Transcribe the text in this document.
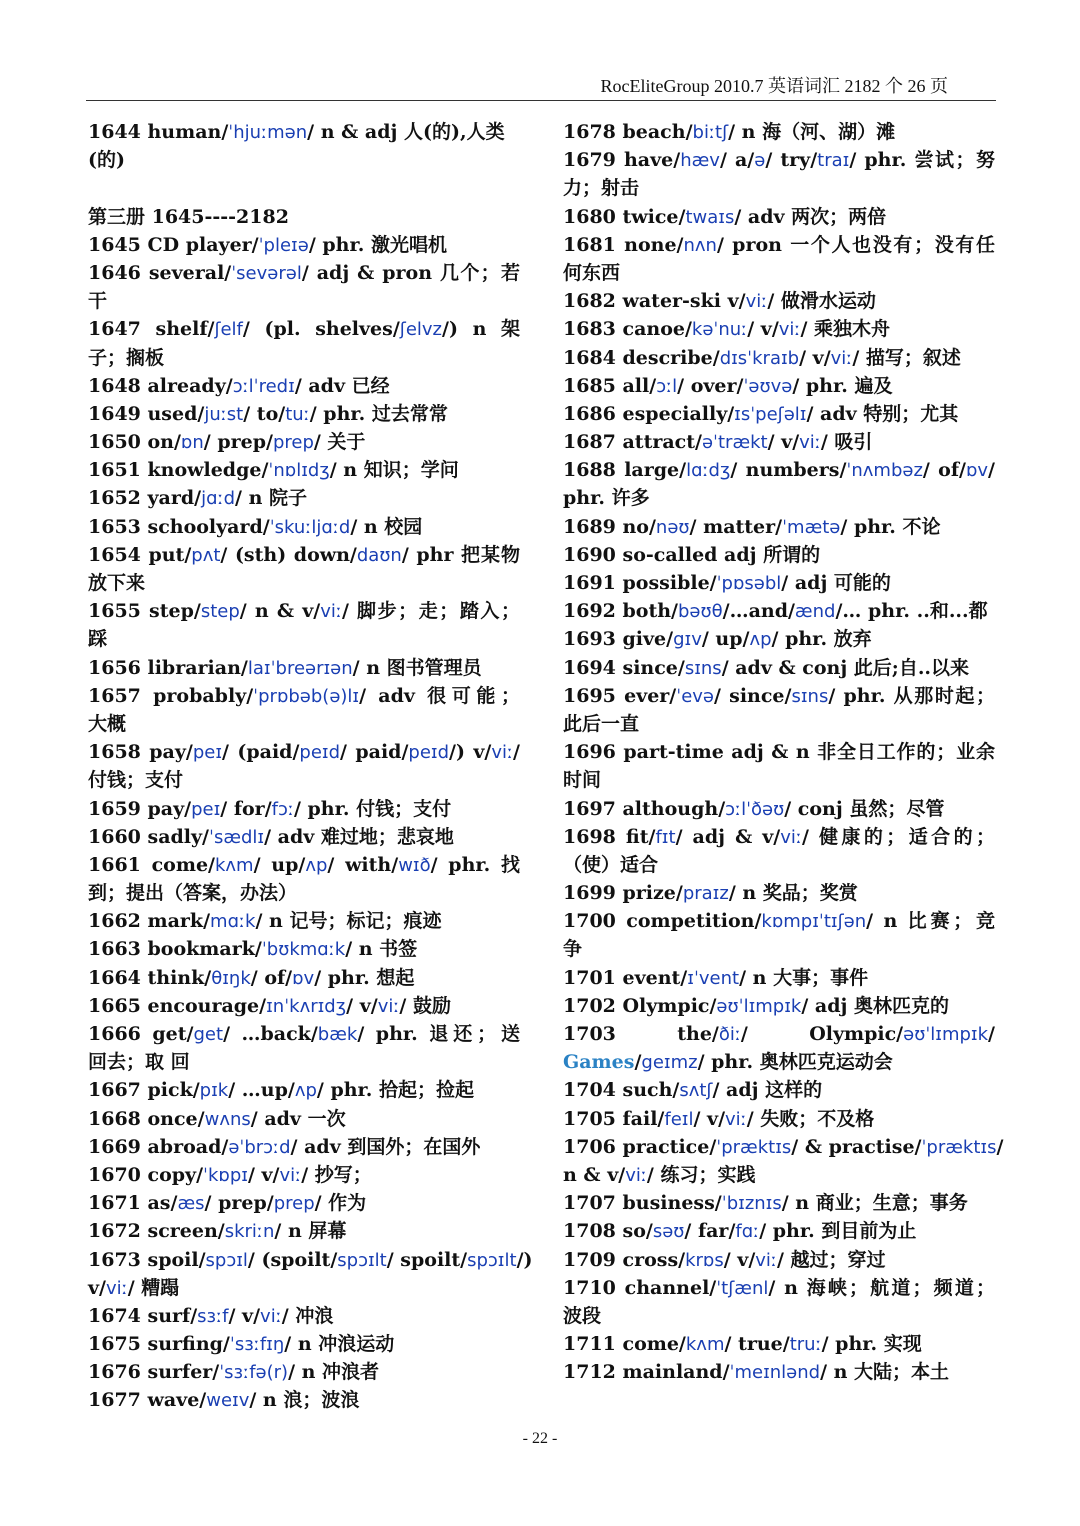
RocEliteGroup 2010.7 英语词汇 2182 个 26 页
1644 human/ˈhjuːmən/ n & adj 人(的),人类
(的)
第三册 1645----2182
1645 CD player/ˈpleɪə/ phr. 激光唱机
1646 several/ˈsevərəl/ adj & pron 几个；若
干
1647 shelf/ʃelf/ (pl. shelves/ʃelvz/) n 架
子；搁板
1648 already/ɔːlˈredɪ/ adv 已经
1649 used/juːst/ to/tuː/ phr. 过去常常
1650 on/ɒn/ prep/prep/ 关于
1651 knowledge/ˈnɒlɪdʒ/ n 知识；学问
1652 yard/jɑːd/ n 院子
1653 schoolyard/ˈskuːljɑːd/ n 校园
1654 put/pʌt/ (sth) down/daʊn/ phr 把某物
放下来
1655 step/step/ n & v/viː/ 脚步；走；踏入；
踩
1656 librarian/laɪˈbreərɪən/ n 图书管理员
1657 probably/ˈprɒbəb(ə)lɪ/ adv 很可能；
大概
1658 pay/peɪ/ (paid/peɪd/ paid/peɪd/) v/viː/
付钱；支付
1659 pay/peɪ/ for/fɔː/ phr. 付钱；支付
1660 sadly/ˈsædlɪ/ adv 难过地；悲哀地
1661 come/kʌm/ up/ʌp/ with/wɪð/ phr. 找
到；提出（答案，办法）
1662 mark/mɑːk/ n 记号；标记；痕迹
1663 bookmark/ˈbʊkmɑːk/ n 书签
1664 think/θɪŋk/ of/ɒv/ phr. 想起
1665 encourage/ɪnˈkʌrɪdʒ/ v/viː/ 鼓励
1666 get/get/ …back/bæk/ phr. 退还；送
回去；取 回
1667 pick/pɪk/ …up/ʌp/ phr. 拾起；捡起
1668 once/wʌns/ adv 一次
1669 abroad/əˈbrɔːd/ adv 到国外；在国外
1670 copy/ˈkɒpɪ/ v/viː/ 抄写；
1671 as/æs/ prep/prep/ 作为
1672 screen/skriːn/ n 屏幕
1673 spoil/spɔɪl/ (spoilt/spɔɪlt/ spoilt/spɔɪlt/)
v/viː/ 糟蹋
1674 surf/sɜːf/ v/viː/ 冲浪
1675 surfing/ˈsɜːfɪŋ/ n 冲浪运动
1676 surfer/ˈsɜːfə(r)/ n 冲浪者
1677 wave/weɪv/ n 浪；波浪
1678 beach/biːtʃ/ n 海（河、湖）滩
1679 have/hæv/ a/ə/ try/traɪ/ phr. 尝试；努
力；射击
1680 twice/twaɪs/ adv 两次；两倍
1681 none/nʌn/ pron 一个人也没有；没有任
何东西
1682 water-ski v/viː/ 做滑水运动
1683 canoe/kəˈnuː/ v/viː/ 乘独木舟
1684 describe/dɪsˈkraɪb/ v/viː/ 描写；叙述
1685 all/ɔːl/ over/ˈəʊvə/ phr. 遍及
1686 especially/ɪsˈpeʃəlɪ/ adv 特别；尤其
1687 attract/əˈtrækt/ v/viː/ 吸引
1688 large/lɑːdʒ/ numbers/ˈnʌmbəz/ of/ɒv/
phr. 许多
1689 no/nəʊ/ matter/ˈmætə/ phr. 不论
1690 so-called adj 所谓的
1691 possible/ˈpɒsəbl/ adj 可能的
1692 both/bəʊθ/…and/ænd/… phr. ..和...都
1693 give/gɪv/ up/ʌp/ phr. 放弃
1694 since/sɪns/ adv & conj 此后;自..以来
1695 ever/ˈevə/ since/sɪns/ phr. 从那时起；
此后一直
1696 part-time adj & n 非全日工作的；业余
时间
1697 although/ɔːlˈðəʊ/ conj 虽然；尽管
1698 fit/fɪt/ adj & v/viː/ 健康的；适合的；
（使）适合
1699 prize/praɪz/ n 奖品；奖赏
1700 competition/kɒmpɪˈtɪʃən/ n 比赛；竞
争
1701 event/ɪˈvent/ n 大事；事件
1702 Olympic/əʊˈlɪmpɪk/ adj 奥林匹克的
1703 the/ðiː/ Olympic/əʊˈlɪmpɪk/
Games/geɪmz/ phr. 奥林匹克运动会
1704 such/sʌtʃ/ adj 这样的
1705 fail/feɪl/ v/viː/ 失败；不及格
1706 practice/ˈpræktɪs/ & practise/ˈpræktɪs/
n & v/viː/ 练习；实践
1707 business/ˈbɪznɪs/ n 商业；生意；事务
1708 so/səʊ/ far/fɑː/ phr. 到目前为止
1709 cross/krɒs/ v/viː/ 越过；穿过
1710 channel/ˈtʃænl/ n 海峡；航道；频道；
波段
1711 come/kʌm/ true/truː/ phr. 实现
1712 mainland/ˈmeɪnlənd/ n 大陆；本土
- 22 -
